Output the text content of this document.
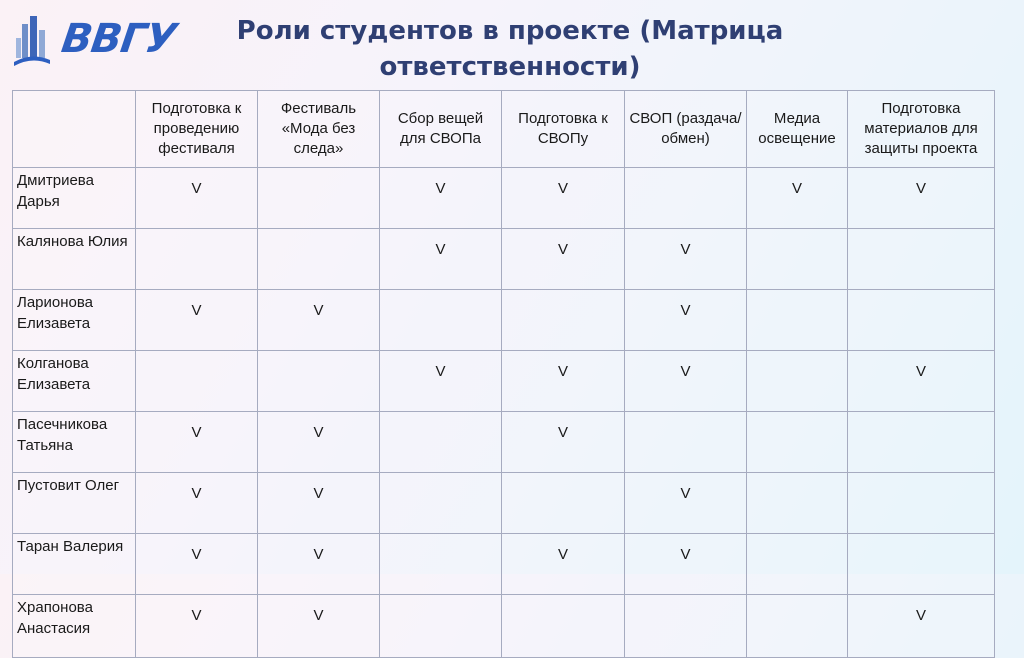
ВВГУ	Роли студентов в проекте (Матрица ответственности)
	Подготовка к проведению фестиваля	Фестиваль «Мода без следа»	Сбор вещей для СВОПа	Подготовка к СВОПу	СВОП (раздача/ обмен)	Медиа освещение	Подготовка материалов для защиты проекта
Дмитриева Дарья	V		V	V		V	V
Калянова Юлия			V	V	V		
Ларионова Елизавета	V	V			V		
Колганова Елизавета			V	V	V		V
Пасечникова Татьяна	V	V		V			
Пустовит Олег	V	V			V		
Таран Валерия	V	V		V	V		
Храпонова Анастасия	V	V					V
